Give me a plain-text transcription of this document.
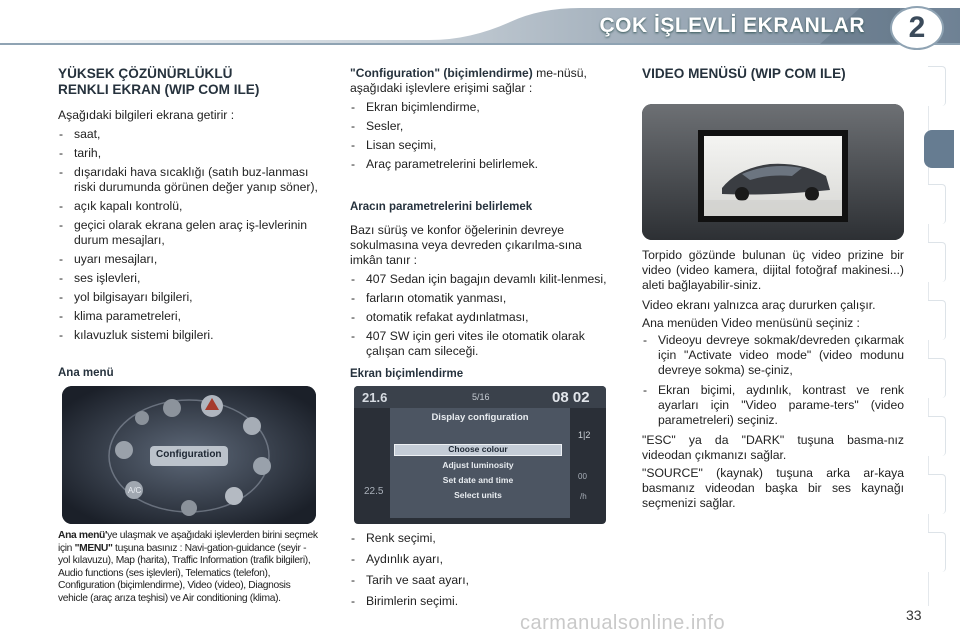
ÇOK İŞLEVLİ EKRANLAR	2
YÜKSEK ÇÖZÜNÜRLÜKLÜ
RENKLI EKRAN (WIP COM ILE)
Aşağıdaki bilgileri ekrana getirir :
- saat,
- tarih,
- dışarıdaki hava sıcaklığı (satıh buz-lanması riski durumunda görünen değer yanıp söner),
- açık kapalı kontrolü,
- geçici olarak ekrana gelen araç iş-levlerinin durum mesajları,
- uyarı mesajları,
- ses işlevleri,
- yol bilgisayarı bilgileri,
- klima parametreleri,
- kılavuzluk sistemi bilgileri.
Ana menü
Configuration
A/C
Ana menü'ye ulaşmak ve aşağıdaki işlevlerden birini seçmek için "MENU" tuşuna basınız : Navi-gation-guidance (seyir - yol kılavuzu), Map (harita), Traffic Information (trafik bilgileri), Audio functions (ses işlevleri), Telematics (telefon), Configuration (biçimlendirme), Video (video), Diagnosis vehicle (araç arıza teşhisi) ve Air conditioning (klima).
"Configuration" (biçimlendirme) me-nüsü, aşağıdaki işlevlere erişimi sağlar :
- Ekran biçimlendirme,
- Sesler,
- Lisan seçimi,
- Araç parametrelerini belirlemek.
Aracın parametrelerini belirlemek
Bazı sürüş ve konfor öğelerinin devreye sokulmasına veya devreden çıkarılma-sına imkân tanır :
- 407 Sedan için bagajın devamlı kilit-lenmesi,
- farların otomatik yanması,
- otomatik refakat aydınlatması,
- 407 SW için geri vites ile otomatik olarak çalışan cam sileceği.
Ekran biçimlendirme
21.6	5/16	08 02
Display configuration
Choose colour
Adjust luminosity
Set date and time
Select units
1|2
00
/h
22.5
- Renk seçimi,
- Aydınlık ayarı,
- Tarih ve saat ayarı,
- Birimlerin seçimi.
VIDEO MENÜSÜ (WIP COM ILE)
Torpido gözünde bulunan üç video prizine bir video (video kamera, dijital fotoğraf makinesi...) aleti bağlayabilir-siniz.
Video ekranı yalnızca araç dururken çalışır.
Ana menüden Video menüsünü seçiniz :
- Videoyu devreye sokmak/devreden çıkarmak için "Activate video mode" (video modunu devreye sokma) se-çiniz,
- Ekran biçimi, aydınlık, kontrast ve renk ayarları için "Video parame-ters" (video parametreleri) seçiniz.
"ESC" ya da "DARK" tuşuna basma-nız videodan çıkmanızı sağlar.
"SOURCE" (kaynak) tuşuna arka ar-kaya basmanız videodan başka bir ses kaynağı seçmenizi sağlar.
carmanualsonline.info	33
